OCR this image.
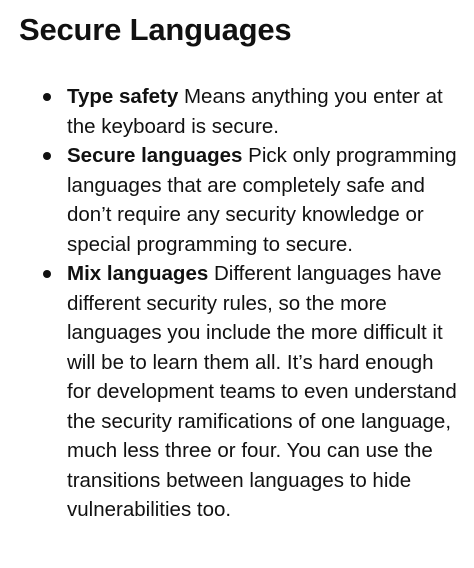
Secure Languages
Type safety Means anything you enter at the keyboard is secure.
Secure languages Pick only programming languages that are completely safe and don’t require any security knowledge or special programming to secure.
Mix languages Different languages have different security rules, so the more languages you include the more difficult it will be to learn them all. It’s hard enough for development teams to even understand the security ramifications of one language, much less three or four. You can use the transitions between languages to hide vulnerabilities too.
